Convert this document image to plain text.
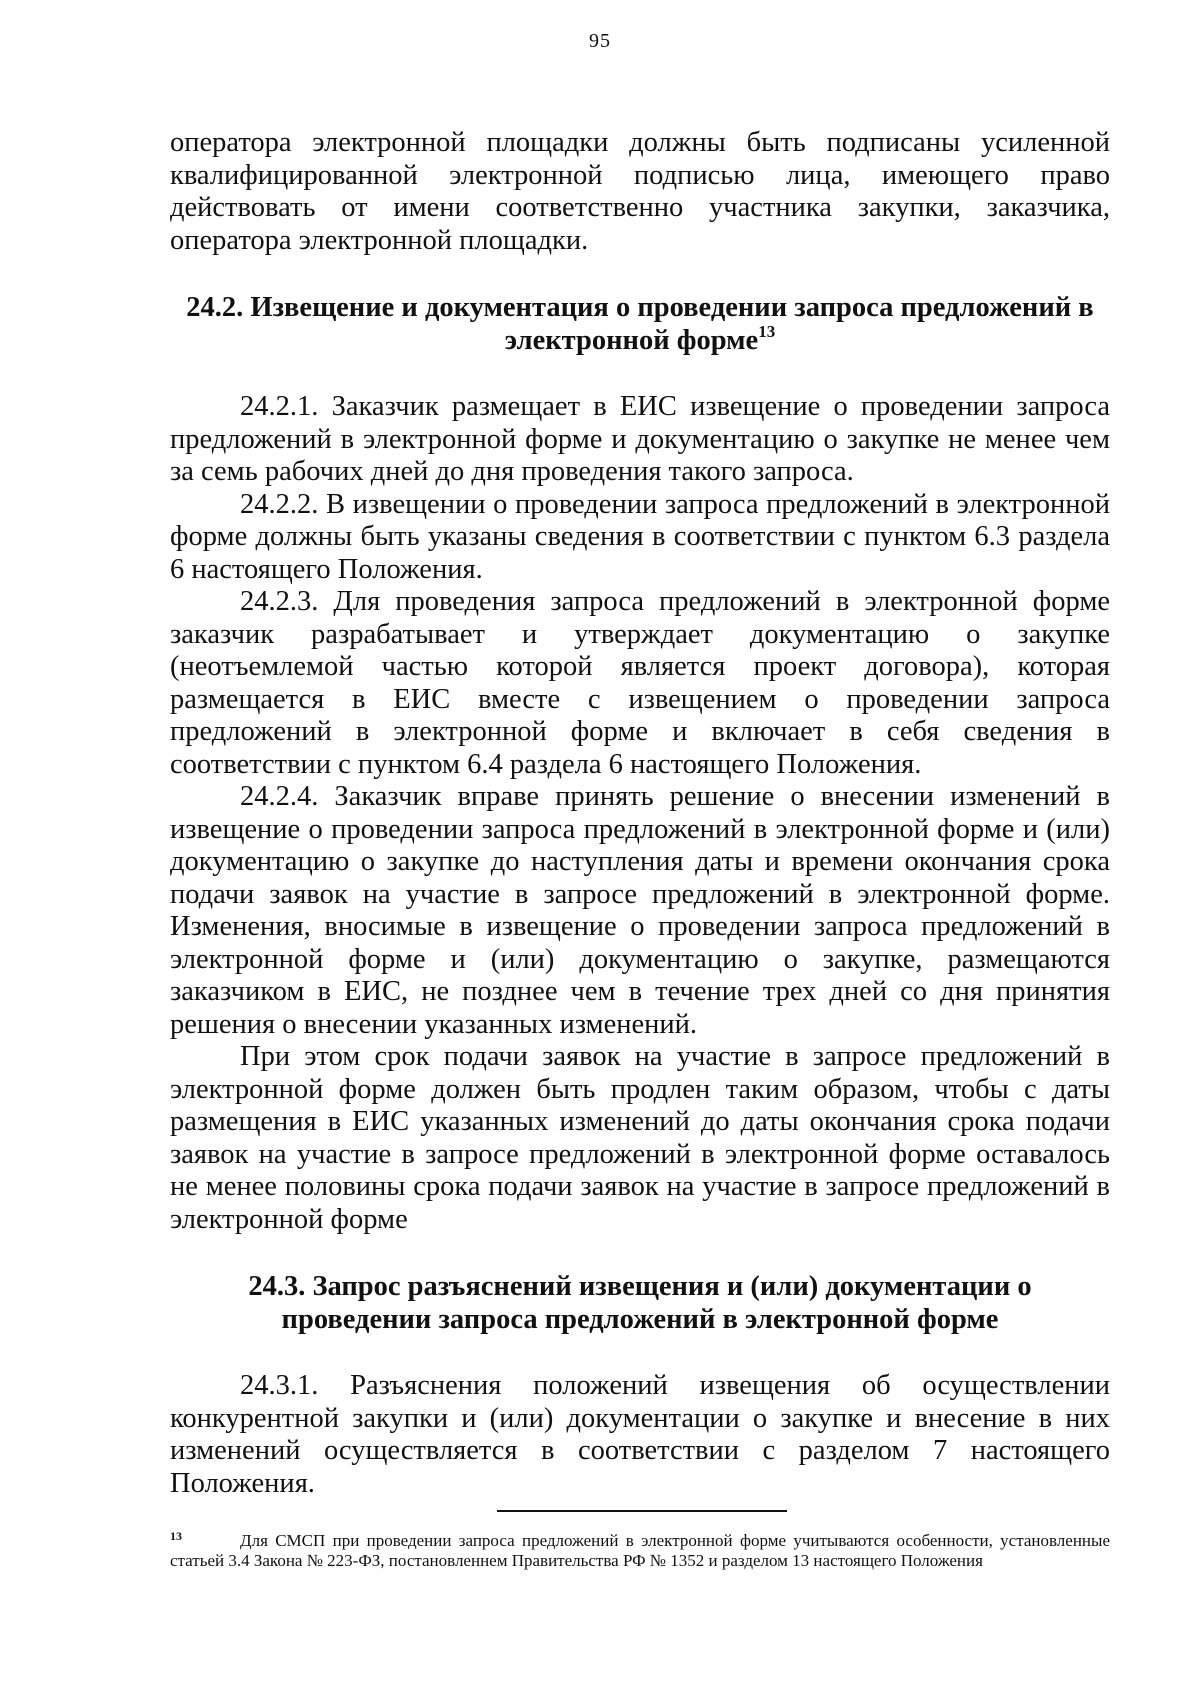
95

оператора электронной площадки должны быть подписаны усиленной квалифицированной электронной подписью лица, имеющего право действовать от имени соответственно участника закупки, заказчика, оператора электронной площадки.

24.2. Извещение и документация о проведении запроса предложений в электронной форме$^{13}$

24.2.1. Заказчик размещает в ЕИС извещение о проведении запроса предложений в электронной форме и документацию о закупке не менее чем за семь рабочих дней до дня проведения такого запроса.

24.2.2. В извещении о проведении запроса предложений в электронной форме должны быть указаны сведения в соответствии с пунктом 6.3 раздела 6 настоящего Положения.

24.2.3. Для проведения запроса предложений в электронной форме заказчик разрабатывает и утверждает документацию о закупке (неотъемлемой частью которой является проект договора), которая размещается в ЕИС вместе с извещением о проведении запроса предложений в электронной форме и включает в себя сведения в соответствии с пунктом 6.4 раздела 6 настоящего Положения.

24.2.4. Заказчик вправе принять решение о внесении изменений в извещение о проведении запроса предложений в электронной форме и (или) документацию о закупке до наступления даты и времени окончания срока подачи заявок на участие в запросе предложений в электронной форме. Изменения, вносимые в извещение о проведении запроса предложений в электронной форме и (или) документацию о закупке, размещаются заказчиком в ЕИС, не позднее чем в течение трех дней со дня принятия решения о внесении указанных изменений.

При этом срок подачи заявок на участие в запросе предложений в электронной форме должен быть продлен таким образом, чтобы с даты размещения в ЕИС указанных изменений до даты окончания срока подачи заявок на участие в запросе предложений в электронной форме оставалось не менее половины срока подачи заявок на участие в запросе предложений в электронной форме

24.3. Запрос разъяснений извещения и (или) документации о проведении запроса предложений в электронной форме

24.3.1. Разъяснения положений извещения об осуществлении конкурентной закупки и (или) документации о закупке и внесение в них изменений осуществляется в соответствии с разделом 7 настоящего Положения.

13	Для СМСП при проведении запроса предложений в электронной форме учитываются особенности, установленные статьей 3.4 Закона № 223-ФЗ, постановленнем Правительства РФ № 1352 и разделом 13 настоящего Положения
